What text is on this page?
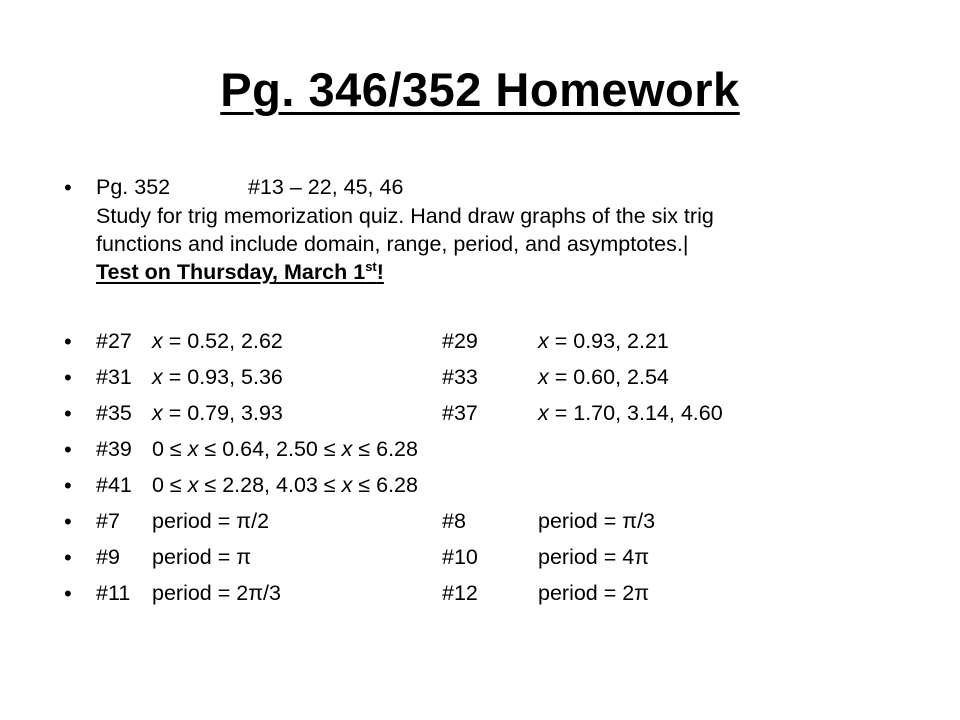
Pg. 346/352 Homework
•	Pg. 352	#13 – 22, 45, 46
Study for trig memorization quiz. Hand draw graphs of the six trig
functions and include domain, range, period, and asymptotes.|
Test on Thursday, March 1st!
•	#27 x = 0.52, 2.62	#29	x = 0.93, 2.21
•	#31 x = 0.93, 5.36	#33	x = 0.60, 2.54
•	#35 x = 0.79, 3.93	#37	x = 1.70, 3.14, 4.60
•	#39 0 ≤ x ≤ 0.64, 2.50 ≤ x ≤ 6.28
•	#41 0 ≤ x ≤ 2.28, 4.03 ≤ x ≤ 6.28
•	#7 period = π/2	#8	period = π/3
•	#9 period = π	#10	period = 4π
•	#11 period = 2π/3	#12	period = 2π
